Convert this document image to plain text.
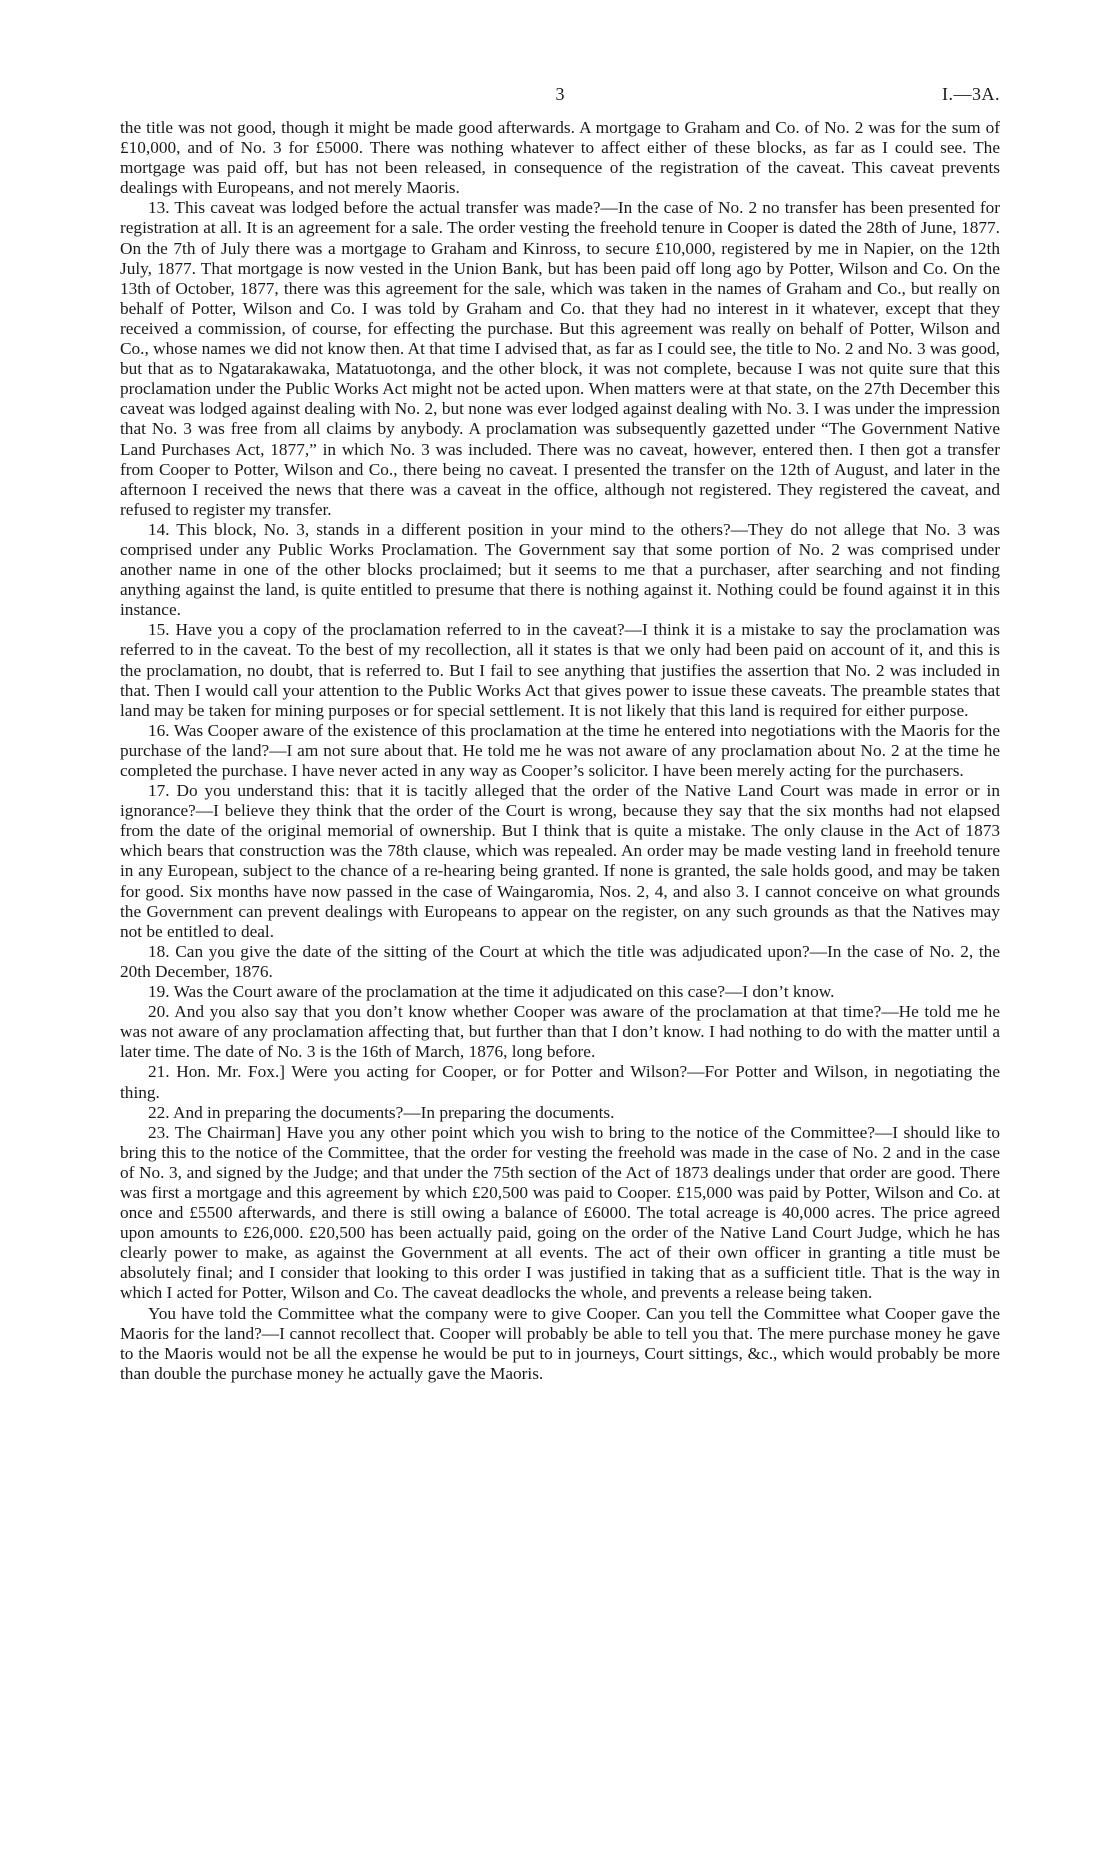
3	I.—3A.

the title was not good, though it might be made good afterwards. A mortgage to Graham and Co. of No. 2 was for the sum of £10,000, and of No. 3 for £5000. There was nothing whatever to affect either of these blocks, as far as I could see. The mortgage was paid off, but has not been released, in consequence of the registration of the caveat. This caveat prevents dealings with Europeans, and not merely Maoris.

13. This caveat was lodged before the actual transfer was made?—In the case of No. 2 no transfer has been presented for registration at all. It is an agreement for a sale. The order vesting the freehold tenure in Cooper is dated the 28th of June, 1877. On the 7th of July there was a mortgage to Graham and Kinross, to secure £10,000, registered by me in Napier, on the 12th July, 1877. That mortgage is now vested in the Union Bank, but has been paid off long ago by Potter, Wilson and Co. On the 13th of October, 1877, there was this agreement for the sale, which was taken in the names of Graham and Co., but really on behalf of Potter, Wilson and Co. I was told by Graham and Co. that they had no interest in it whatever, except that they received a commission, of course, for effecting the purchase. But this agreement was really on behalf of Potter, Wilson and Co., whose names we did not know then. At that time I advised that, as far as I could see, the title to No. 2 and No. 3 was good, but that as to Ngatarakawaka, Matatuotonga, and the other block, it was not complete, because I was not quite sure that this proclamation under the Public Works Act might not be acted upon. When matters were at that state, on the 27th December this caveat was lodged against dealing with No. 2, but none was ever lodged against dealing with No. 3. I was under the impression that No. 3 was free from all claims by anybody. A proclamation was subsequently gazetted under “The Government Native Land Purchases Act, 1877,” in which No. 3 was included. There was no caveat, however, entered then. I then got a transfer from Cooper to Potter, Wilson and Co., there being no caveat. I presented the transfer on the 12th of August, and later in the afternoon I received the news that there was a caveat in the office, although not registered. They registered the caveat, and refused to register my transfer.

14. This block, No. 3, stands in a different position in your mind to the others?—They do not allege that No. 3 was comprised under any Public Works Proclamation. The Government say that some portion of No. 2 was comprised under another name in one of the other blocks proclaimed; but it seems to me that a purchaser, after searching and not finding anything against the land, is quite entitled to presume that there is nothing against it. Nothing could be found against it in this instance.

15. Have you a copy of the proclamation referred to in the caveat?—I think it is a mistake to say the proclamation was referred to in the caveat. To the best of my recollection, all it states is that we only had been paid on account of it, and this is the proclamation, no doubt, that is referred to. But I fail to see anything that justifies the assertion that No. 2 was included in that. Then I would call your attention to the Public Works Act that gives power to issue these caveats. The preamble states that land may be taken for mining purposes or for special settlement. It is not likely that this land is required for either purpose.

16. Was Cooper aware of the existence of this proclamation at the time he entered into negotiations with the Maoris for the purchase of the land?—I am not sure about that. He told me he was not aware of any proclamation about No. 2 at the time he completed the purchase. I have never acted in any way as Cooper’s solicitor. I have been merely acting for the purchasers.

17. Do you understand this: that it is tacitly alleged that the order of the Native Land Court was made in error or in ignorance?—I believe they think that the order of the Court is wrong, because they say that the six months had not elapsed from the date of the original memorial of ownership. But I think that is quite a mistake. The only clause in the Act of 1873 which bears that construction was the 78th clause, which was repealed. An order may be made vesting land in freehold tenure in any European, subject to the chance of a re-hearing being granted. If none is granted, the sale holds good, and may be taken for good. Six months have now passed in the case of Waingaromia, Nos. 2, 4, and also 3. I cannot conceive on what grounds the Government can prevent dealings with Europeans to appear on the register, on any such grounds as that the Natives may not be entitled to deal.

18. Can you give the date of the sitting of the Court at which the title was adjudicated upon?—In the case of No. 2, the 20th December, 1876.

19. Was the Court aware of the proclamation at the time it adjudicated on this case?—I don’t know.

20. And you also say that you don’t know whether Cooper was aware of the proclamation at that time?—He told me he was not aware of any proclamation affecting that, but further than that I don’t know. I had nothing to do with the matter until a later time. The date of No. 3 is the 16th of March, 1876, long before.

21. Hon. Mr. Fox.] Were you acting for Cooper, or for Potter and Wilson?—For Potter and Wilson, in negotiating the thing.

22. And in preparing the documents?—In preparing the documents.

23. The Chairman] Have you any other point which you wish to bring to the notice of the Committee?—I should like to bring this to the notice of the Committee, that the order for vesting the freehold was made in the case of No. 2 and in the case of No. 3, and signed by the Judge; and that under the 75th section of the Act of 1873 dealings under that order are good. There was first a mortgage and this agreement by which £20,500 was paid to Cooper. £15,000 was paid by Potter, Wilson and Co. at once and £5500 afterwards, and there is still owing a balance of £6000. The total acreage is 40,000 acres. The price agreed upon amounts to £26,000. £20,500 has been actually paid, going on the order of the Native Land Court Judge, which he has clearly power to make, as against the Government at all events. The act of their own officer in granting a title must be absolutely final; and I consider that looking to this order I was justified in taking that as a sufficient title. That is the way in which I acted for Potter, Wilson and Co. The caveat deadlocks the whole, and prevents a release being taken.

You have told the Committee what the company were to give Cooper. Can you tell the Committee what Cooper gave the Maoris for the land?—I cannot recollect that. Cooper will probably be able to tell you that. The mere purchase money he gave to the Maoris would not be all the expense he would be put to in journeys, Court sittings, &c., which would probably be more than double the purchase money he actually gave the Maoris.
